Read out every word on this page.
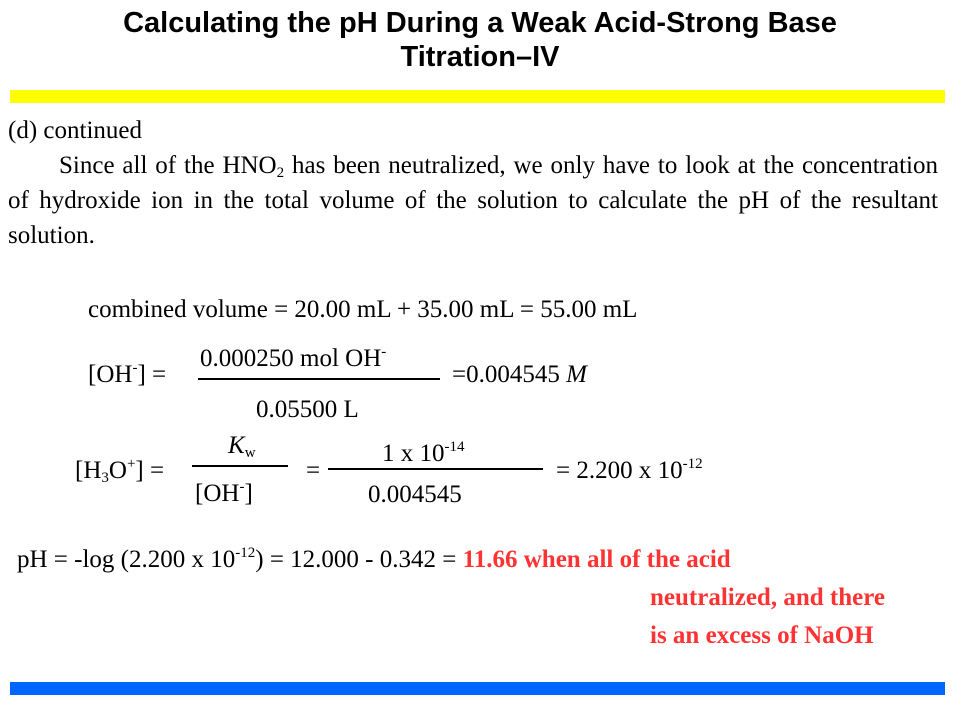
Calculating the pH During a Weak Acid-Strong Base
Titration–IV
(d) continued
Since all of the $HNO_2$ has been neutralized, we only have to look at the concentration of hydroxide ion in the total volume of the solution to calculate the pH of the resultant solution.
combined volume = 20.00 mL + 35.00 mL = 55.00 mL
[OH-] =
0.000250 mol OH-
0.05500 L
=0.004545 M
$[H_3O^+]$ =
$K_w$
[OH-]
=
1 x $10^{-14}$
0.004545
= 2.200 x $10^{-12}$
pH = -log (2.200 x $10^{-12}) = 12.000 - 0.342 = 11.66$ when all of the acid
neutralized, and there
is an excess of NaOH
